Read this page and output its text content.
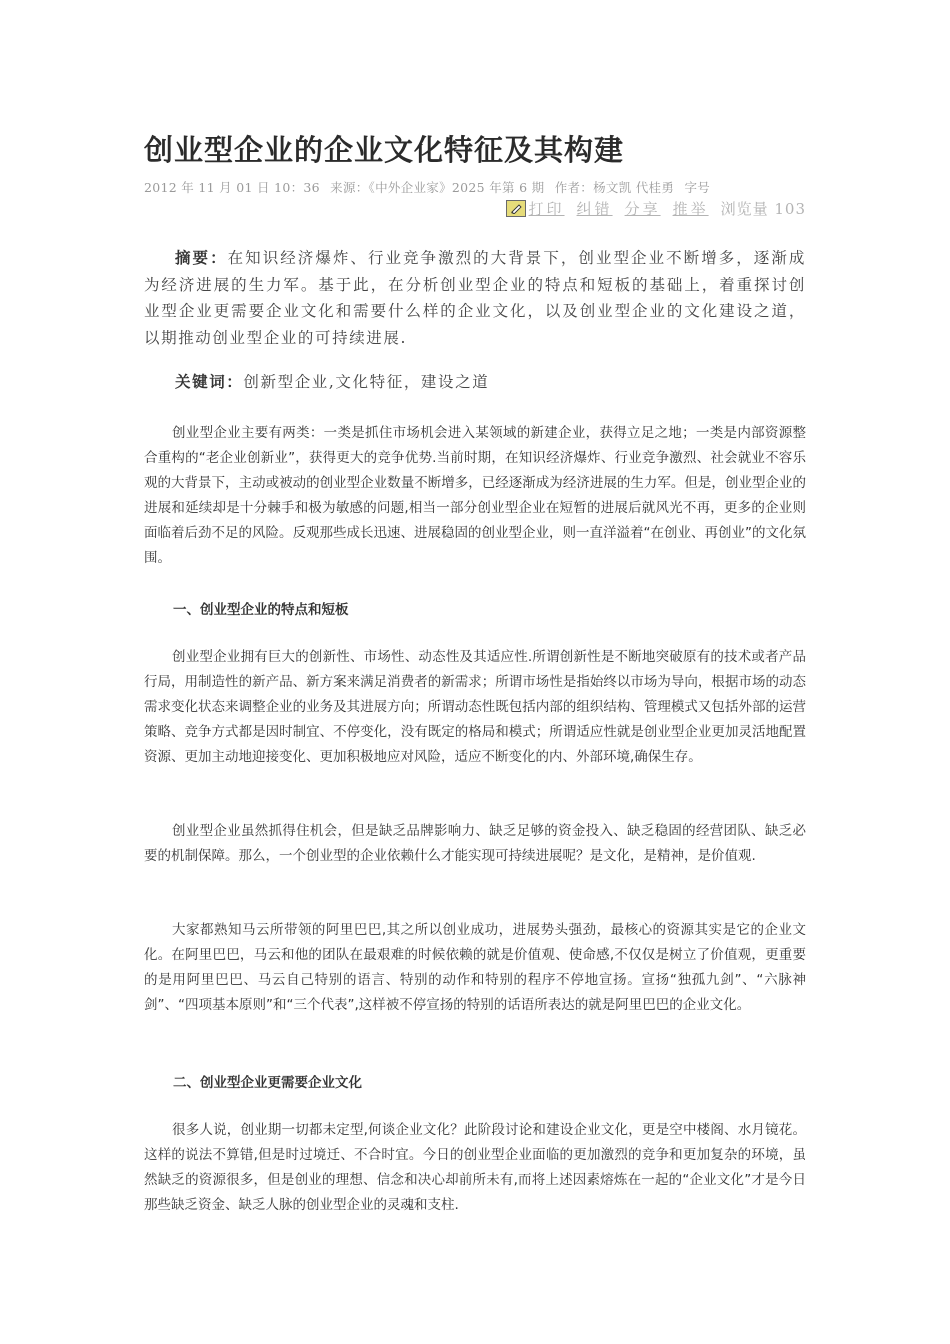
创业型企业的企业文化特征及其构建
2012 年 11 月 01 日 10：36 来源：《中外企业家》2025 年第 6 期 作者：杨文凯 代桂勇 字号
打印 纠错 分享 推举 浏览量 103

摘要：在知识经济爆炸、行业竞争激烈的大背景下，创业型企业不断增多，逐渐成为经济进展的生力军。基于此，在分析创业型企业的特点和短板的基础上，着重探讨创业型企业更需要企业文化和需要什么样的企业文化，以及创业型企业的文化建设之道，以期推动创业型企业的可持续进展.

关键词：创新型企业,文化特征，建设之道

创业型企业主要有两类：一类是抓住市场机会进入某领域的新建企业，获得立足之地；一类是内部资源整合重构的“老企业创新业”，获得更大的竞争优势.当前时期，在知识经济爆炸、行业竞争激烈、社会就业不容乐观的大背景下，主动或被动的创业型企业数量不断增多，已经逐渐成为经济进展的生力军。但是，创业型企业的进展和延续却是十分棘手和极为敏感的问题,相当一部分创业型企业在短暂的进展后就风光不再，更多的企业则面临着后劲不足的风险。反观那些成长迅速、进展稳固的创业型企业，则一直洋溢着“在创业、再创业”的文化氛围。

一、创业型企业的特点和短板

创业型企业拥有巨大的创新性、市场性、动态性及其适应性.所谓创新性是不断地突破原有的技术或者产品行局，用制造性的新产品、新方案来满足消费者的新需求；所谓市场性是指始终以市场为导向，根据市场的动态需求变化状态来调整企业的业务及其进展方向；所谓动态性既包括内部的组织结构、管理模式又包括外部的运营策略、竞争方式都是因时制宜、不停变化，没有既定的格局和模式；所谓适应性就是创业型企业更加灵活地配置资源、更加主动地迎接变化、更加积极地应对风险，适应不断变化的内、外部环境,确保生存。

创业型企业虽然抓得住机会，但是缺乏品牌影响力、缺乏足够的资金投入、缺乏稳固的经营团队、缺乏必要的机制保障。那么，一个创业型的企业依赖什么才能实现可持续进展呢？是文化，是精神，是价值观.

大家都熟知马云所带领的阿里巴巴,其之所以创业成功，进展势头强劲，最核心的资源其实是它的企业文化。在阿里巴巴，马云和他的团队在最艰难的时候依赖的就是价值观、使命感,不仅仅是树立了价值观，更重要的是用阿里巴巴、马云自己特别的语言、特别的动作和特别的程序不停地宣扬。宣扬“独孤九剑”、“六脉神剑”、“四项基本原则”和“三个代表”,这样被不停宣扬的特别的话语所表达的就是阿里巴巴的企业文化。

二、创业型企业更需要企业文化

很多人说，创业期一切都未定型,何谈企业文化？此阶段讨论和建设企业文化，更是空中楼阁、水月镜花。这样的说法不算错,但是时过境迁、不合时宜。今日的创业型企业面临的更加激烈的竞争和更加复杂的环境，虽然缺乏的资源很多，但是创业的理想、信念和决心却前所未有,而将上述因素熔炼在一起的“企业文化”才是今日那些缺乏资金、缺乏人脉的创业型企业的灵魂和支柱.
